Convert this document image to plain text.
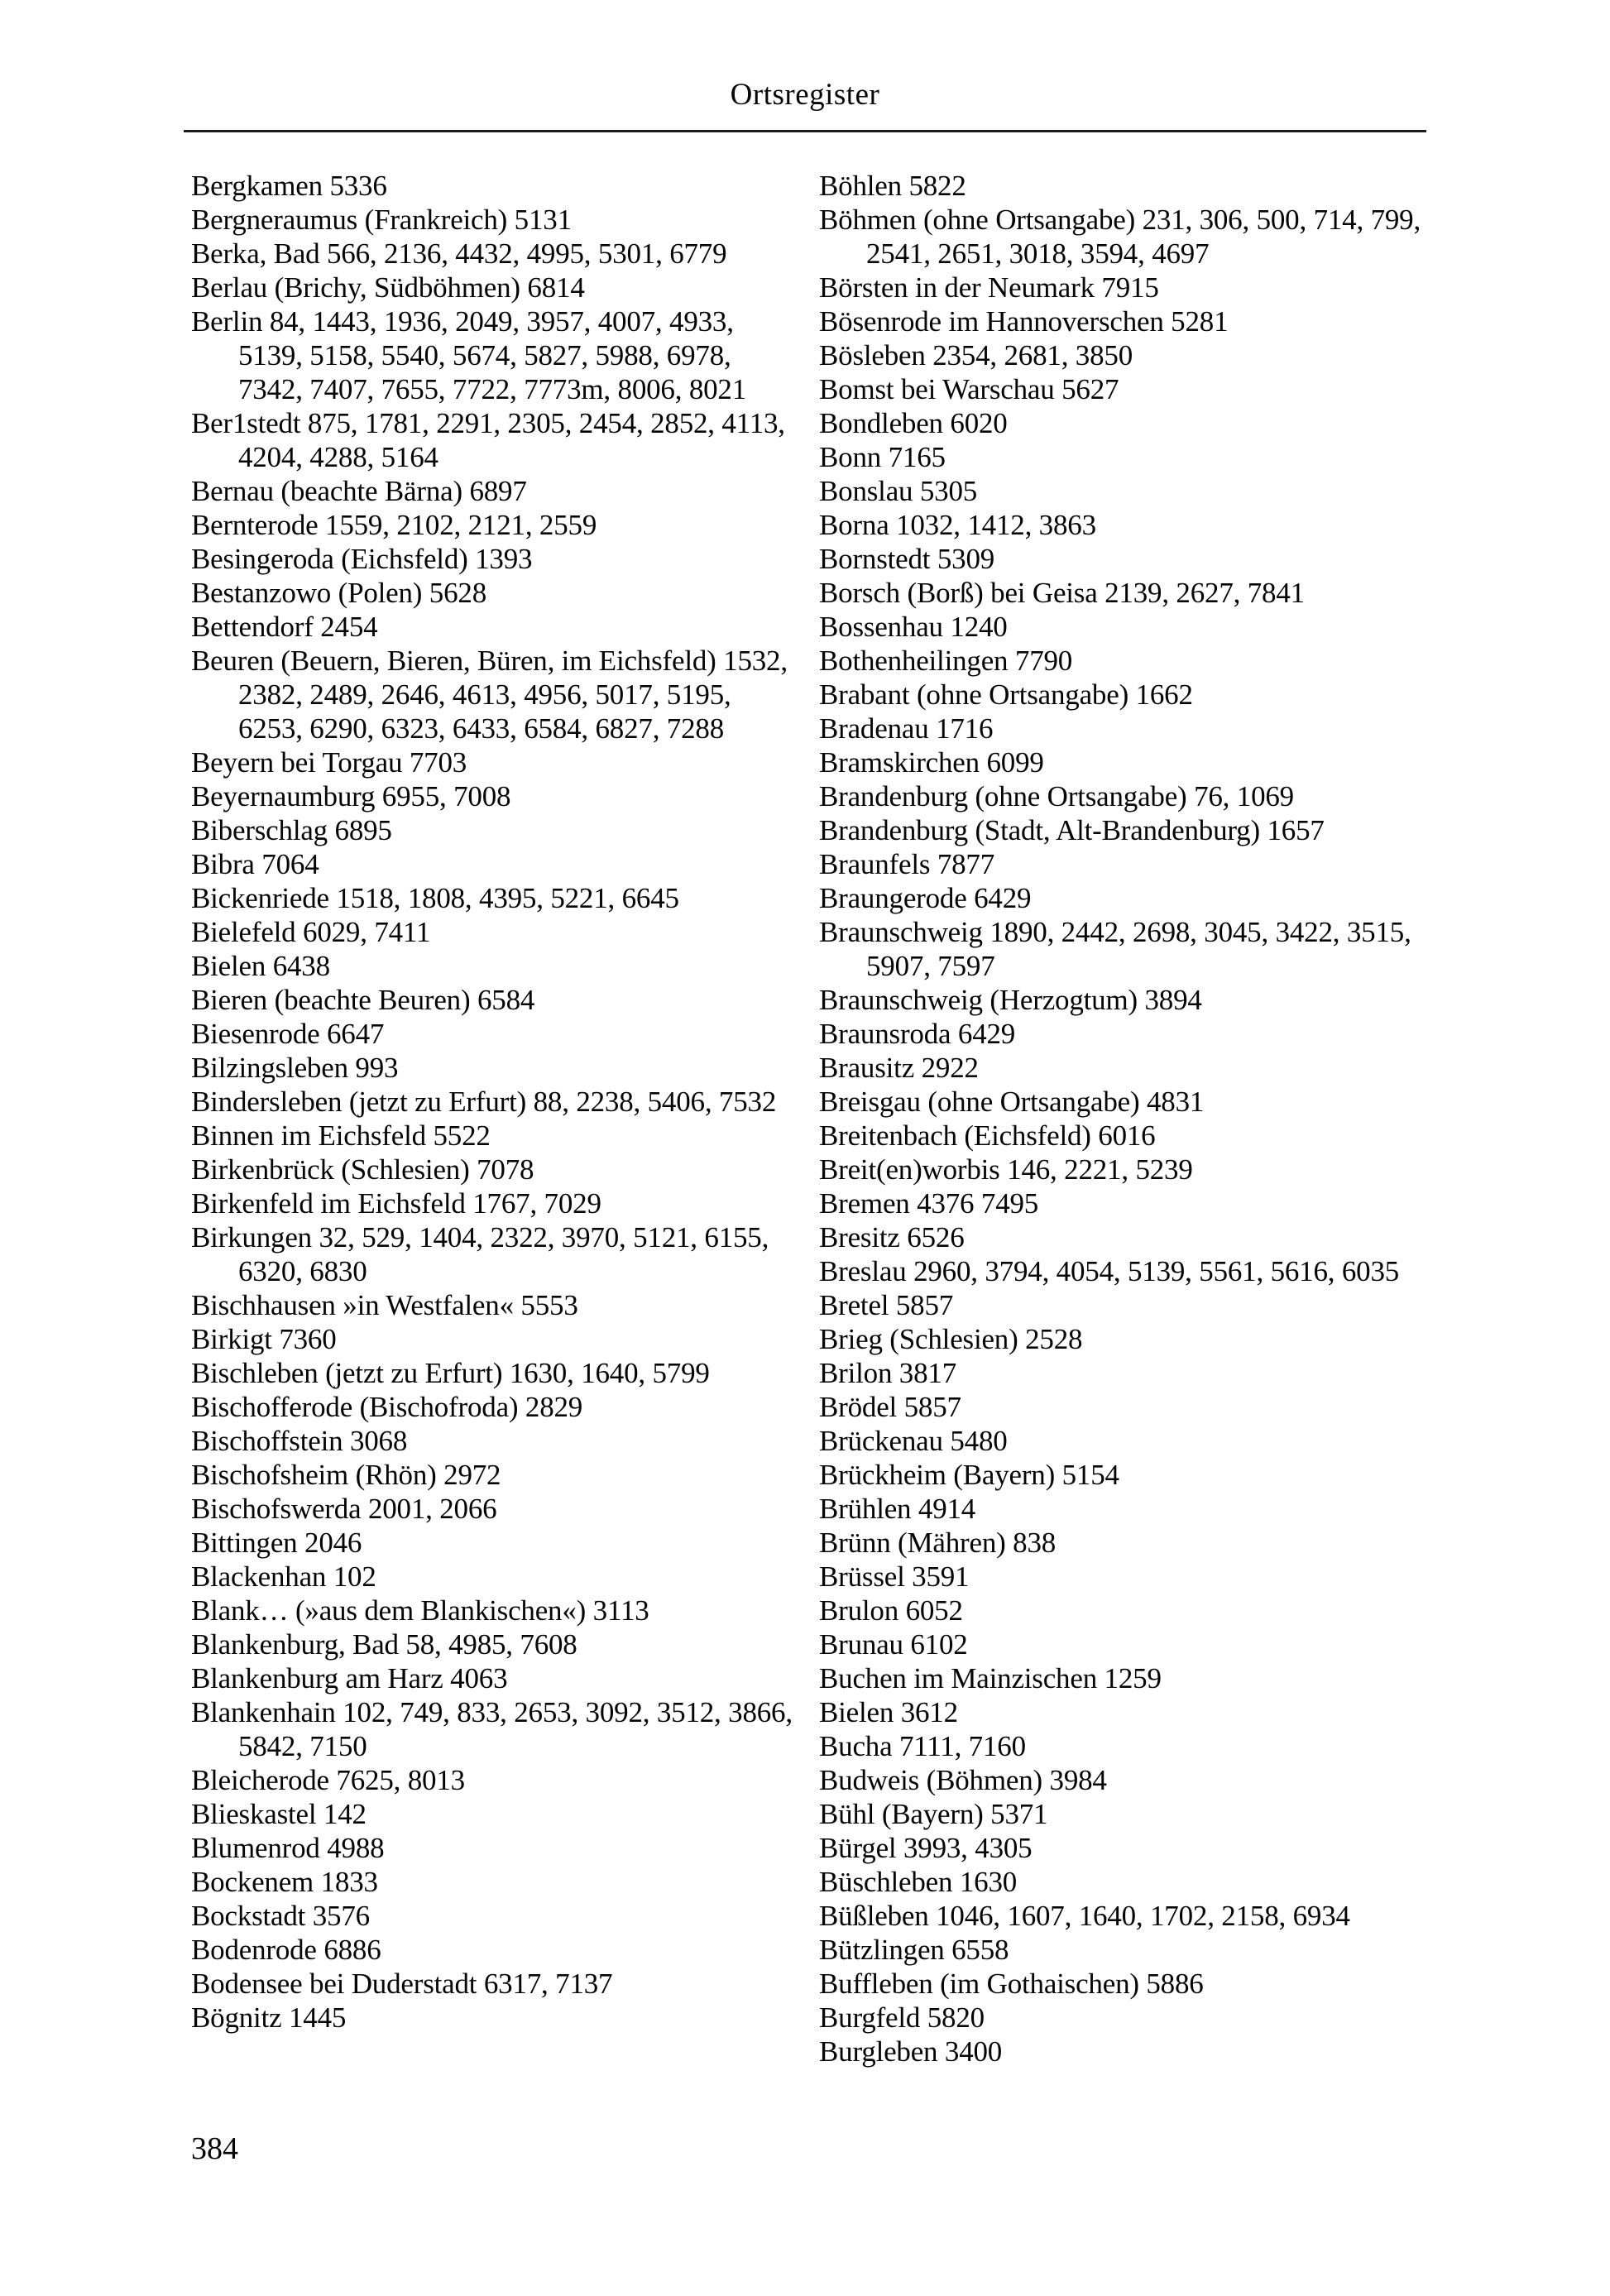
Ortsregister

Bergkamen 5336

Bergneraumus (Frankreich) 5131

Berka, Bad 566, 2136, 4432, 4995, 5301, 6779

Berlau (Brichy, Südböhmen) 6814

Berlin 84, 1443, 1936, 2049, 3957, 4007, 4933, 5139, 5158, 5540, 5674, 5827, 5988, 6978, 7342, 7407, 7655, 7722, 7773m, 8006, 8021

Ber1stedt 875, 1781, 2291, 2305, 2454, 2852, 4113, 4204, 4288, 5164

Bernau (beachte Bärna) 6897

Bernterode 1559, 2102, 2121, 2559

Besingeroda (Eichsfeld) 1393

Bestanzowo (Polen) 5628

Bettendorf 2454

Beuren (Beuern, Bieren, Büren, im Eichsfeld) 1532, 2382, 2489, 2646, 4613, 4956, 5017, 5195, 6253, 6290, 6323, 6433, 6584, 6827, 7288

Beyern bei Torgau 7703

Beyernaumburg 6955, 7008

Biberschlag 6895

Bibra 7064

Bickenriede 1518, 1808, 4395, 5221, 6645

Bielefeld 6029, 7411

Bielen 6438

Bieren (beachte Beuren) 6584

Biesenrode 6647

Bilzingsleben 993

Bindersleben (jetzt zu Erfurt) 88, 2238, 5406, 7532

Binnen im Eichsfeld 5522

Birkenbrück (Schlesien) 7078

Birkenfeld im Eichsfeld 1767, 7029

Birkungen 32, 529, 1404, 2322, 3970, 5121, 6155, 6320, 6830

Bischhausen »in Westfalen« 5553

Birkigt 7360

Bischleben (jetzt zu Erfurt) 1630, 1640, 5799

Bischofferode (Bischofroda) 2829

Bischoffstein 3068

Bischofsheim (Rhön) 2972

Bischofswerda 2001, 2066

Bittingen 2046

Blackenhan 102

Blank… (»aus dem Blankischen«) 3113

Blankenburg, Bad 58, 4985, 7608

Blankenburg am Harz 4063

Blankenhain 102, 749, 833, 2653, 3092, 3512, 3866, 5842, 7150

Bleicherode 7625, 8013

Blieskastel 142

Blumenrod 4988

Bockenem 1833

Bockstadt 3576

Bodenrode 6886

Bodensee bei Duderstadt 6317, 7137

Bögnitz 1445

Böhlen 5822

Böhmen (ohne Ortsangabe) 231, 306, 500, 714, 799, 2541, 2651, 3018, 3594, 4697

Börsten in der Neumark 7915

Bösenrode im Hannoverschen 5281

Bösleben 2354, 2681, 3850

Bomst bei Warschau 5627

Bondleben 6020

Bonn 7165

Bonslau 5305

Borna 1032, 1412, 3863

Bornstedt 5309

Borsch (Borß) bei Geisa 2139, 2627, 7841

Bossenhau 1240

Bothenheilingen 7790

Brabant (ohne Ortsangabe) 1662

Bradenau 1716

Bramskirchen 6099

Brandenburg (ohne Ortsangabe) 76, 1069

Brandenburg (Stadt, Alt-Brandenburg) 1657

Braunfels 7877

Braungerode 6429

Braunschweig 1890, 2442, 2698, 3045, 3422, 3515, 5907, 7597

Braunschweig (Herzogtum) 3894

Braunsroda 6429

Brausitz 2922

Breisgau (ohne Ortsangabe) 4831

Breitenbach (Eichsfeld) 6016

Breit(en)worbis 146, 2221, 5239

Bremen 4376 7495

Bresitz 6526

Breslau 2960, 3794, 4054, 5139, 5561, 5616, 6035

Bretel 5857

Brieg (Schlesien) 2528

Brilon 3817

Brödel 5857

Brückenau 5480

Brückheim (Bayern) 5154

Brühlen 4914

Brünn (Mähren) 838

Brüssel 3591

Brulon 6052

Brunau 6102

Buchen im Mainzischen 1259

Bielen 3612

Bucha 7111, 7160

Budweis (Böhmen) 3984

Bühl (Bayern) 5371

Bürgel 3993, 4305

Büschleben 1630

Büßleben 1046, 1607, 1640, 1702, 2158, 6934

Bützlingen 6558

Buffleben (im Gothaischen) 5886

Burgfeld 5820

Burgleben 3400

384
